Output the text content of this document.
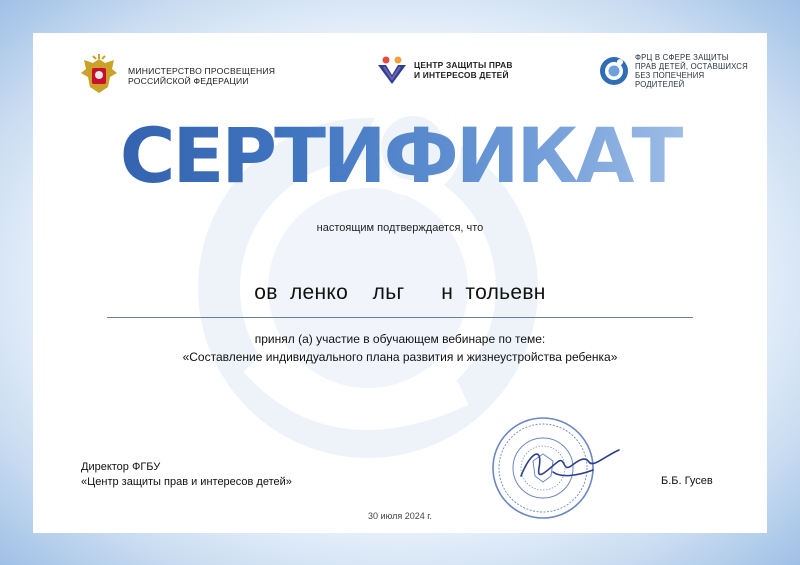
МИНИСТЕРСТВО ПРОСВЕЩЕНИЯ
РОССИЙСКОЙ ФЕДЕРАЦИИ
ЦЕНТР ЗАЩИТЫ ПРАВ
И ИНТЕРЕСОВ ДЕТЕЙ
ФРЦ В СФЕРЕ ЗАЩИТЫ
ПРАВ ДЕТЕЙ, ОСТАВШИХСЯ
БЕЗ ПОПЕЧЕНИЯ
РОДИТЕЛЕЙ
СЕРТИФИКАТ
настоящим подтверждается, что
ов  ленко    льг      н  тольевн
принял (а) участие в обучающем вебинаре по теме:
«Составление индивидуального плана развития и жизнеустройства ребенка»
Директор ФГБУ
«Центр защиты прав и интересов детей»	Б.Б. Гусев
30 июля 2024 г.
